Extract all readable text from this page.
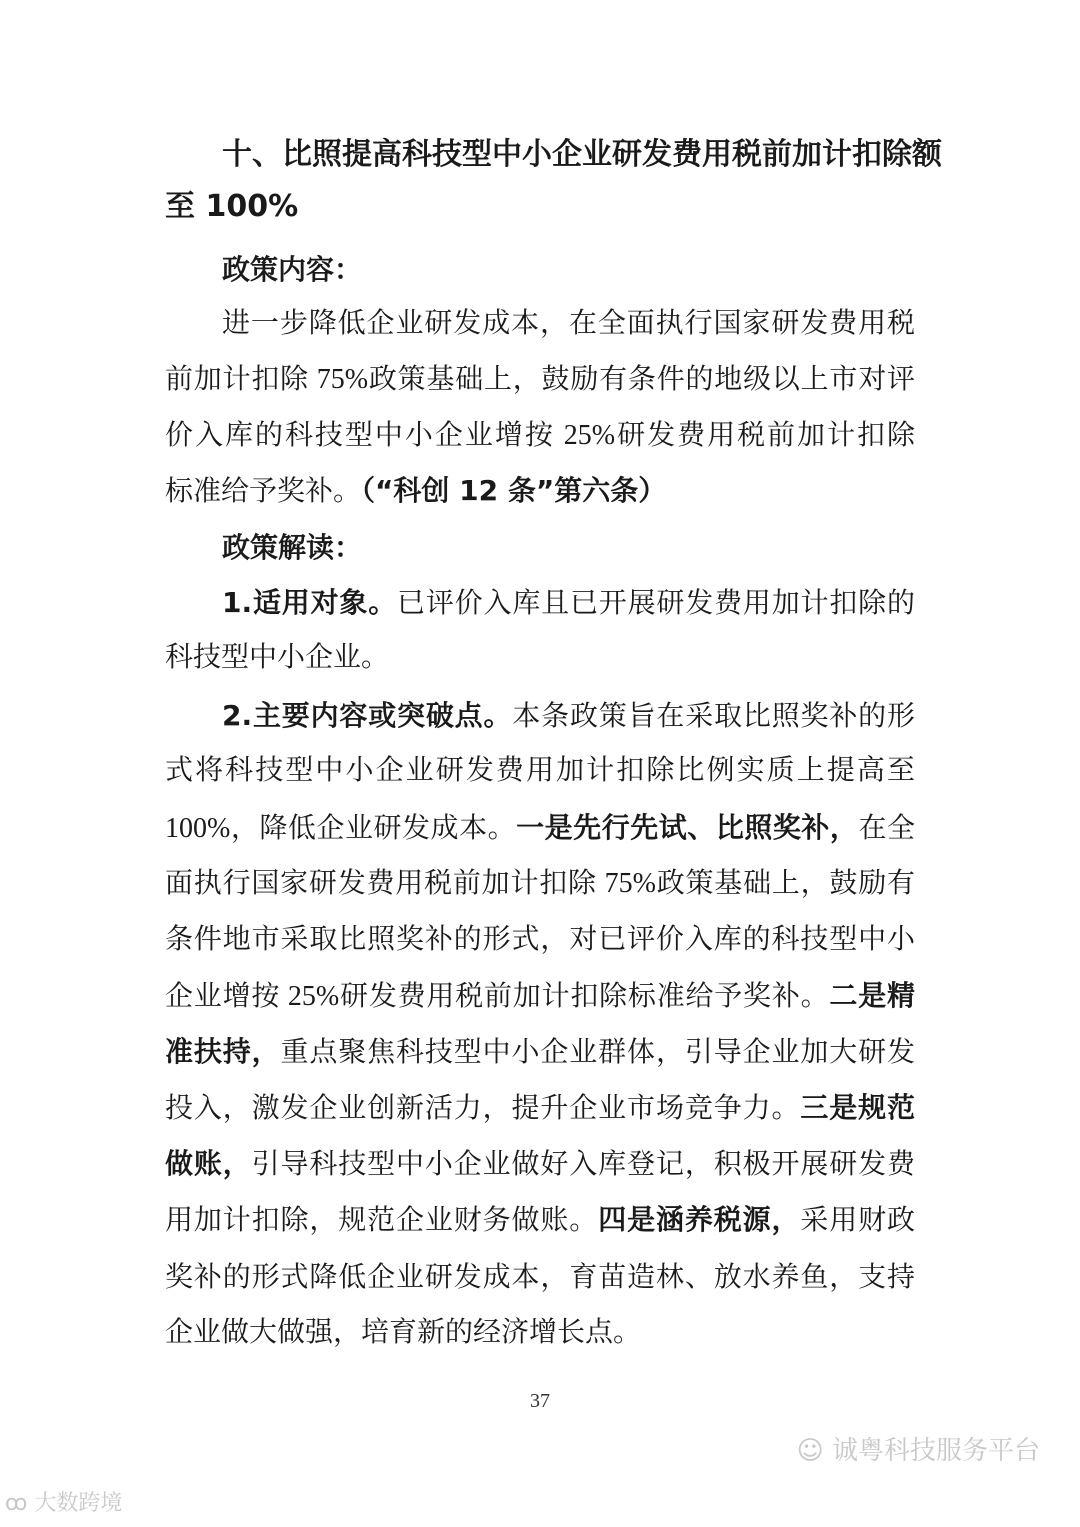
十、比照提高科技型中小企业研发费用税前加计扣除额
至 100%
政策内容：
进一步降低企业研发成本，在全面执行国家研发费用税
前加计扣除 75%政策基础上，鼓励有条件的地级以上市对评
价入库的科技型中小企业增按 25%研发费用税前加计扣除
标准给予奖补。（“科创 12 条”第六条）
政策解读：
1.适用对象。已评价入库且已开展研发费用加计扣除的
科技型中小企业。
2.主要内容或突破点。本条政策旨在采取比照奖补的形
式将科技型中小企业研发费用加计扣除比例实质上提高至
100%，降低企业研发成本。一是先行先试、比照奖补，在全
面执行国家研发费用税前加计扣除 75%政策基础上，鼓励有
条件地市采取比照奖补的形式，对已评价入库的科技型中小
企业增按 25%研发费用税前加计扣除标准给予奖补。二是精
准扶持，重点聚焦科技型中小企业群体，引导企业加大研发
投入，激发企业创新活力，提升企业市场竞争力。三是规范
做账，引导科技型中小企业做好入库登记，积极开展研发费
用加计扣除，规范企业财务做账。四是涵养税源，采用财政
奖补的形式降低企业研发成本，育苗造林、放水养鱼，支持
企业做大做强，培育新的经济增长点。
37
☺ 诚粤科技服务平台
ꝏ 大数跨境
